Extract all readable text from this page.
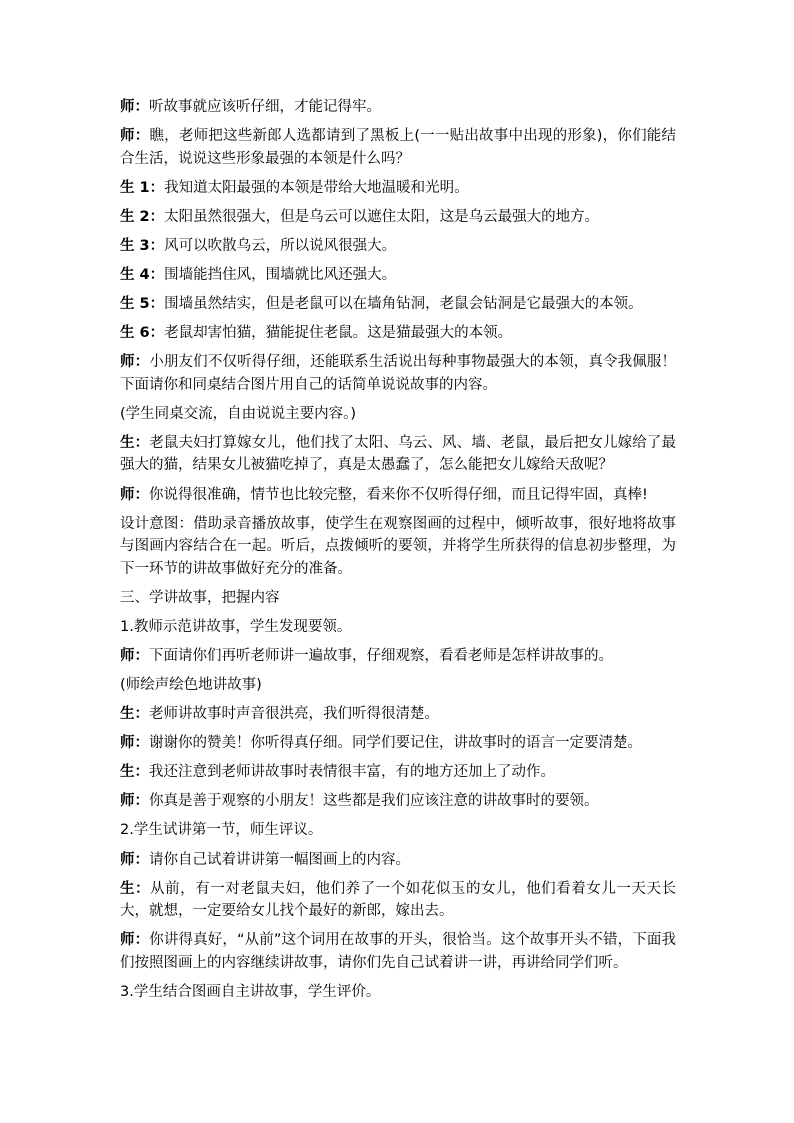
师：听故事就应该听仔细，才能记得牢。

师：瞧，老师把这些新郎人选都请到了黑板上(一一贴出故事中出现的形象)，你们能结合生活，说说这些形象最强的本领是什么吗？

生 1：我知道太阳最强的本领是带给大地温暖和光明。

生 2：太阳虽然很强大，但是乌云可以遮住太阳，这是乌云最强大的地方。

生 3：风可以吹散乌云，所以说风很强大。

生 4：围墙能挡住风，围墙就比风还强大。

生 5：围墙虽然结实，但是老鼠可以在墙角钻洞，老鼠会钻洞是它最强大的本领。

生 6：老鼠却害怕猫，猫能捉住老鼠。这是猫最强大的本领。

师：小朋友们不仅听得仔细，还能联系生活说出每种事物最强大的本领，真令我佩服！下面请你和同桌结合图片用自己的话简单说说故事的内容。

(学生同桌交流，自由说说主要内容。)

生：老鼠夫妇打算嫁女儿，他们找了太阳、乌云、风、墙、老鼠，最后把女儿嫁给了最强大的猫，结果女儿被猫吃掉了，真是太愚蠢了，怎么能把女儿嫁给天敌呢？

师：你说得很准确，情节也比较完整，看来你不仅听得仔细，而且记得牢固，真棒!

设计意图：借助录音播放故事，使学生在观察图画的过程中，倾听故事，很好地将故事与图画内容结合在一起。听后，点拨倾听的要领，并将学生所获得的信息初步整理，为下一环节的讲故事做好充分的准备。

三、学讲故事，把握内容

1.教师示范讲故事，学生发现要领。

师：下面请你们再听老师讲一遍故事，仔细观察，看看老师是怎样讲故事的。

(师绘声绘色地讲故事)

生：老师讲故事时声音很洪亮，我们听得很清楚。

师：谢谢你的赞美！你听得真仔细。同学们要记住，讲故事时的语言一定要清楚。

生：我还注意到老师讲故事时表情很丰富，有的地方还加上了动作。

师：你真是善于观察的小朋友！这些都是我们应该注意的讲故事时的要领。

2.学生试讲第一节，师生评议。

师：请你自己试着讲讲第一幅图画上的内容。

生：从前，有一对老鼠夫妇，他们养了一个如花似玉的女儿，他们看着女儿一天天长大，就想，一定要给女儿找个最好的新郎，嫁出去。

师：你讲得真好，“从前”这个词用在故事的开头，很恰当。这个故事开头不错，下面我们按照图画上的内容继续讲故事，请你们先自己试着讲一讲，再讲给同学们听。

3.学生结合图画自主讲故事，学生评价。
